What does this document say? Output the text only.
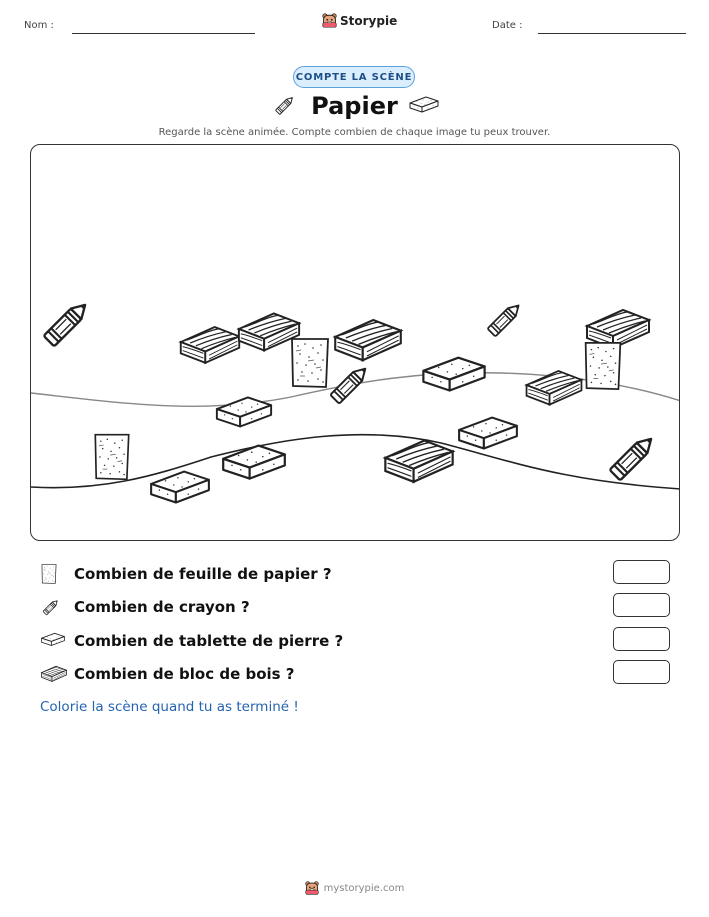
Nom :	Storypie	Date :
COMPTE LA SCÈNE
Papier
Regarde la scène animée. Compte combien de chaque image tu peux trouver.
Combien de feuille de papier ?
Combien de crayon ?
Combien de tablette de pierre ?
Combien de bloc de bois ?
Colorie la scène quand tu as terminé !
mystorypie.com
